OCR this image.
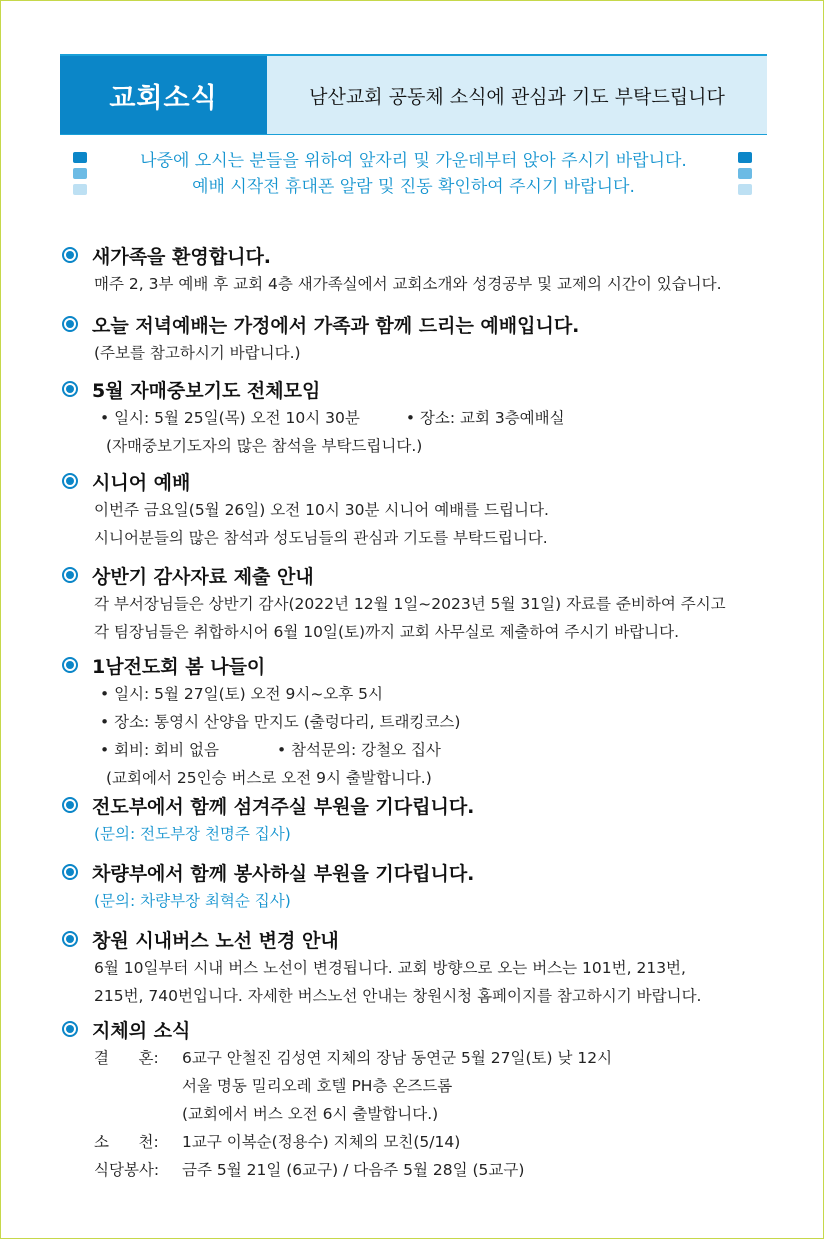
교회소식	남산교회 공동체 소식에 관심과 기도 부탁드립니다
나중에 오시는 분들을 위하여 앞자리 및 가운데부터 앉아 주시기 바랍니다.
예배 시작전 휴대폰 알람 및 진동 확인하여 주시기 바랍니다.
새가족을 환영합니다.
매주 2, 3부 예배 후 교회 4층 새가족실에서 교회소개와 성경공부 및 교제의 시간이 있습니다.
오늘 저녁예배는 가정에서 가족과 함께 드리는 예배입니다.
(주보를 참고하시기 바랍니다.)
5월 자매중보기도 전체모임
• 일시: 5월 25일(목) 오전 10시 30분	• 장소: 교회 3층예배실
(자매중보기도자의 많은 참석을 부탁드립니다.)
시니어 예배
이번주 금요일(5월 26일) 오전 10시 30분 시니어 예배를 드립니다.
시니어분들의 많은 참석과 성도님들의 관심과 기도를 부탁드립니다.
상반기 감사자료 제출 안내
각 부서장님들은 상반기 감사(2022년 12월 1일~2023년 5월 31일) 자료를 준비하여 주시고
각 팀장님들은 취합하시어 6월 10일(토)까지 교회 사무실로 제출하여 주시기 바랍니다.
1남전도회 봄 나들이
• 일시: 5월 27일(토) 오전 9시~오후 5시
• 장소: 통영시 산양읍 만지도 (출렁다리, 트래킹코스)
• 회비: 회비 없음	• 참석문의: 강철오 집사
(교회에서 25인승 버스로 오전 9시 출발합니다.)
전도부에서 함께 섬겨주실 부원을 기다립니다.
(문의: 전도부장 천명주 집사)
차량부에서 함께 봉사하실 부원을 기다립니다.
(문의: 차량부장 최혁순 집사)
창원 시내버스 노선 변경 안내
6월 10일부터 시내 버스 노선이 변경됩니다. 교회 방향으로 오는 버스는 101번, 213번,
215번, 740번입니다. 자세한 버스노선 안내는 창원시청 홈페이지를 참고하시기 바랍니다.
지체의 소식
결      혼:	6교구 안철진 김성연 지체의 장남 동연군 5월 27일(토) 낮 12시
서울 명동 밀리오레 호텔 PH층 온즈드롬
(교회에서 버스 오전 6시 출발합니다.)
소      천:	1교구 이복순(정용수) 지체의 모친(5/14)
식당봉사:	금주 5월 21일 (6교구) / 다음주 5월 28일 (5교구)
